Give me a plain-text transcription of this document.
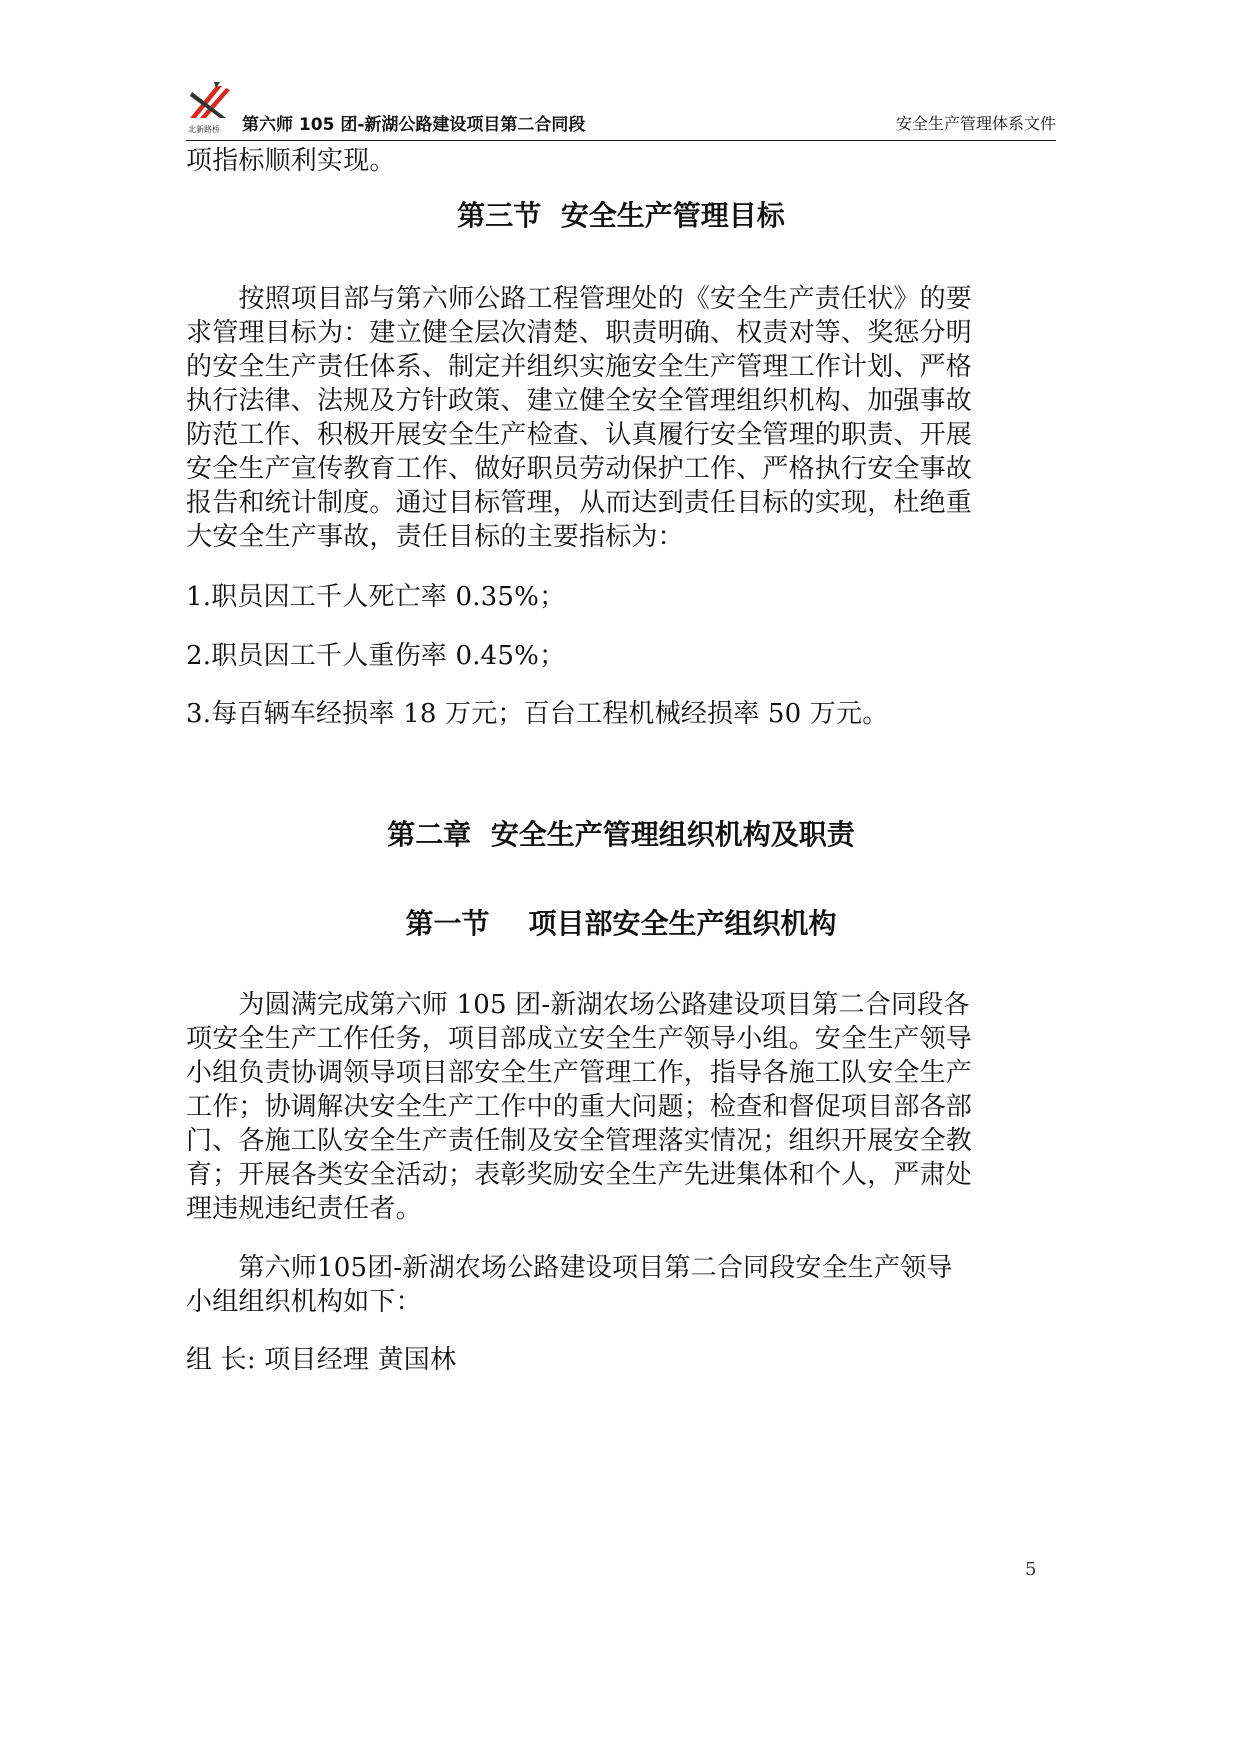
北新路桥 第六师 105 团-新湖公路建设项目第二合同段	安全生产管理体系文件
项指标顺利实现。
第三节  安全生产管理目标
　　按照项目部与第六师公路工程管理处的《安全生产责任状》的要
求管理目标为：建立健全层次清楚、职责明确、权责对等、奖惩分明
的安全生产责任体系、制定并组织实施安全生产管理工作计划、严格
执行法律、法规及方针政策、建立健全安全管理组织机构、加强事故
防范工作、积极开展安全生产检查、认真履行安全管理的职责、开展
安全生产宣传教育工作、做好职员劳动保护工作、严格执行安全事故
报告和统计制度。通过目标管理，从而达到责任目标的实现，杜绝重
大安全生产事故，责任目标的主要指标为：
1.职员因工千人死亡率 0.35%；
2.职员因工千人重伤率 0.45%；
3.每百辆车经损率 18 万元；百台工程机械经损率 50 万元。
第二章  安全生产管理组织机构及职责
第一节    项目部安全生产组织机构
　　为圆满完成第六师 105 团-新湖农场公路建设项目第二合同段各
项安全生产工作任务，项目部成立安全生产领导小组。安全生产领导
小组负责协调领导项目部安全生产管理工作，指导各施工队安全生产
工作；协调解决安全生产工作中的重大问题；检查和督促项目部各部
门、各施工队安全生产责任制及安全管理落实情况；组织开展安全教
育；开展各类安全活动；表彰奖励安全生产先进集体和个人，严肃处
理违规违纪责任者。
　　第六师105团-新湖农场公路建设项目第二合同段安全生产领导
小组组织机构如下：
组 长: 项目经理 黄国林
5
